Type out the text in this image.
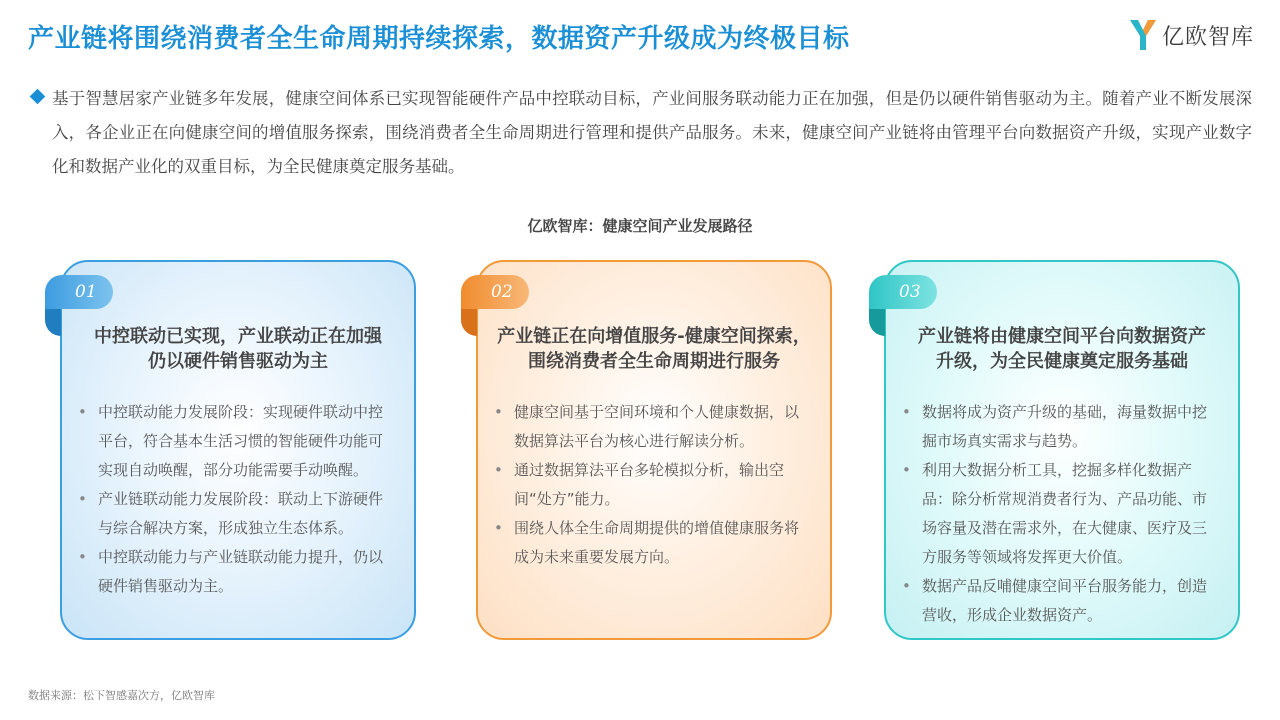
产业链将围绕消费者全生命周期持续探索，数据资产升级成为终极目标	亿欧智库

基于智慧居家产业链多年发展，健康空间体系已实现智能硬件产品中控联动目标，产业间服务联动能力正在加强，但是仍以硬件销售驱动为主。随着产业不断发展深入，各企业正在向健康空间的增值服务探索，围绕消费者全生命周期进行管理和提供产品服务。未来，健康空间产业链将由管理平台向数据资产升级，实现产业数字化和数据产业化的双重目标，为全民健康奠定服务基础。

亿欧智库：健康空间产业发展路径
中控联动已实现，产业联动正在加强
仍以硬件销售驱动为主
• 中控联动能力发展阶段：实现硬件联动中控平台，符合基本生活习惯的智能硬件功能可实现自动唤醒，部分功能需要手动唤醒。
• 产业链联动能力发展阶段：联动上下游硬件与综合解决方案，形成独立生态体系。
• 中控联动能力与产业链联动能力提升，仍以硬件销售驱动为主。
01
产业链正在向增值服务-健康空间探索，
围绕消费者全生命周期进行服务
• 健康空间基于空间环境和个人健康数据，以数据算法平台为核心进行解读分析。
• 通过数据算法平台多轮模拟分析，输出空间“处方”能力。
• 围绕人体全生命周期提供的增值健康服务将成为未来重要发展方向。
02
产业链将由健康空间平台向数据资产
升级，为全民健康奠定服务基础
• 数据将成为资产升级的基础，海量数据中挖掘市场真实需求与趋势。
• 利用大数据分析工具，挖掘多样化数据产品：除分析常规消费者行为、产品功能、市场容量及潜在需求外，在大健康、医疗及三方服务等领域将发挥更大价值。
• 数据产品反哺健康空间平台服务能力，创造营收，形成企业数据资产。
03
数据来源：松下智感嘉次方，亿欧智库
